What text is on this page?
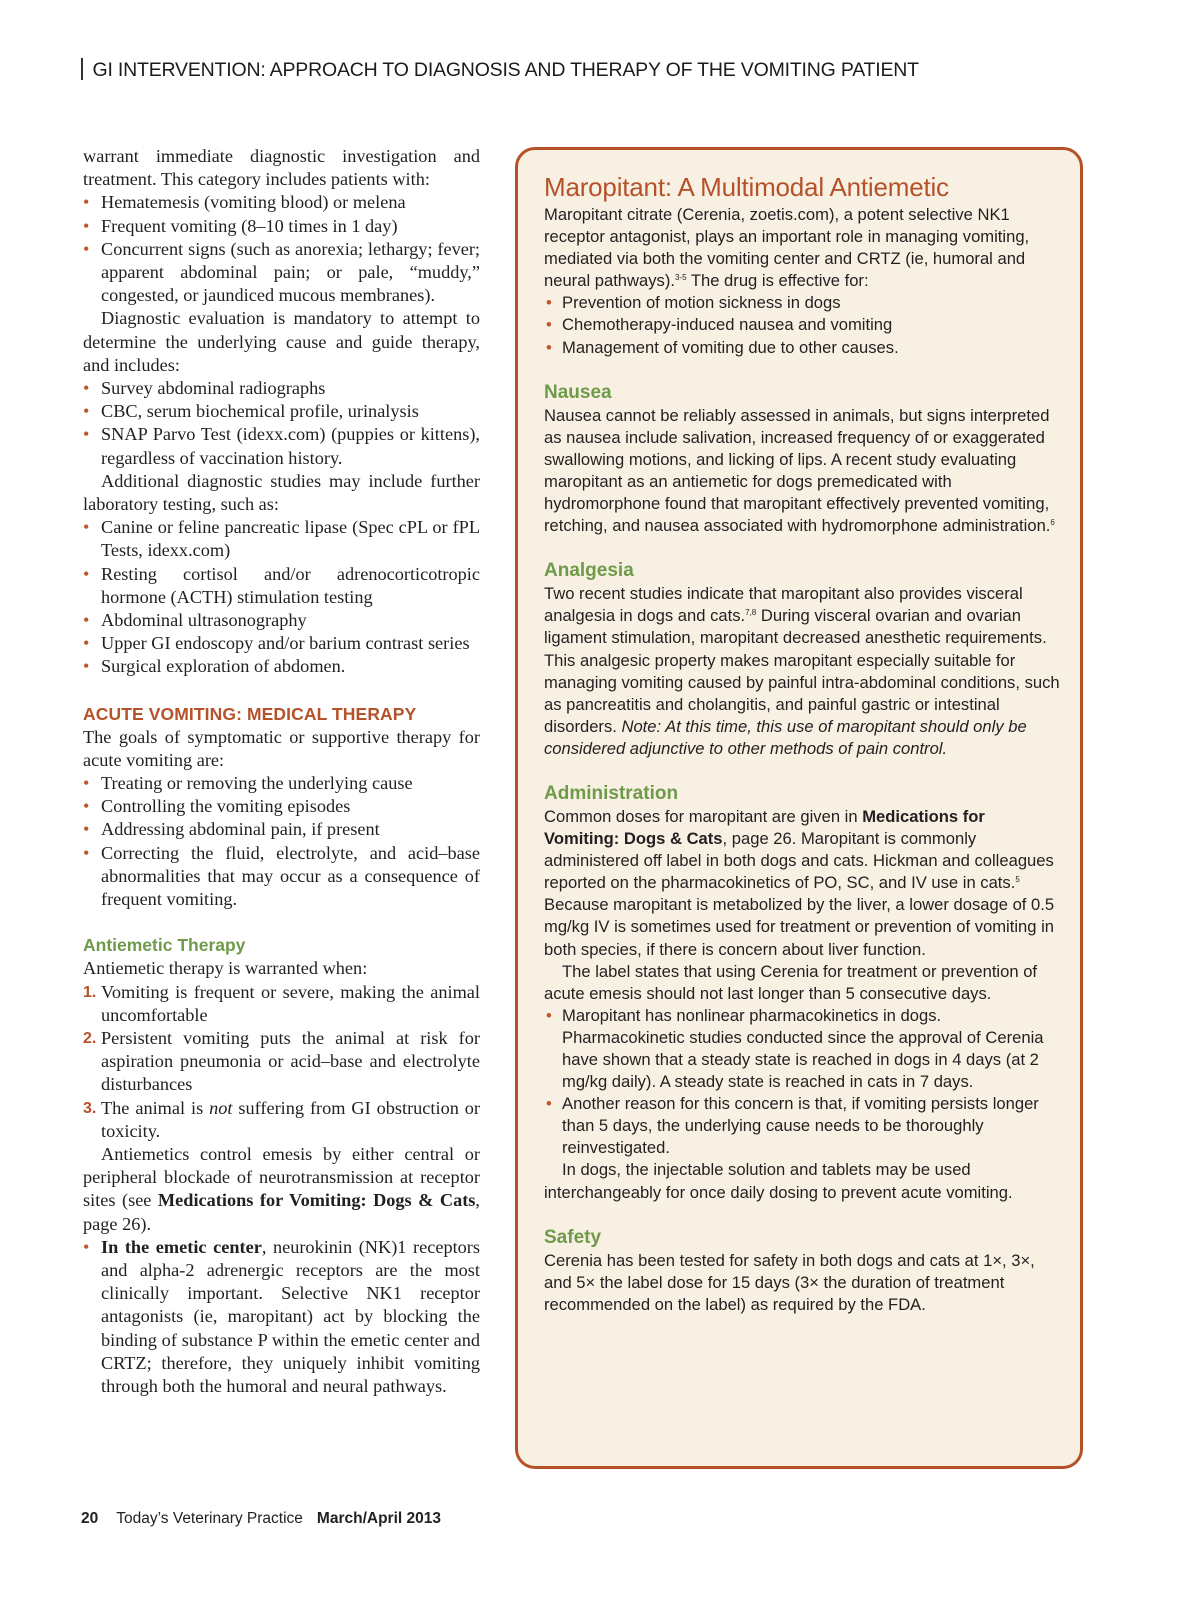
GI INTERVENTION: APPROACH TO DIAGNOSIS AND THERAPY OF THE VOMITING PATIENT

warrant immediate diagnostic investigation and treatment. This category includes patients with:

• Hematemesis (vomiting blood) or melena
• Frequent vomiting (8–10 times in 1 day)
• Concurrent signs (such as anorexia; lethargy; fever; apparent abdominal pain; or pale, “muddy,” congested, or jaundiced mucous membranes).

Diagnostic evaluation is mandatory to attempt to determine the underlying cause and guide therapy, and includes:

• Survey abdominal radiographs
• CBC, serum biochemical profile, urinalysis
• SNAP Parvo Test (idexx.com) (puppies or kittens), regardless of vaccination history.

Additional diagnostic studies may include further laboratory testing, such as:

• Canine or feline pancreatic lipase (Spec cPL or fPL Tests, idexx.com)
• Resting cortisol and/or adrenocorticotropic hormone (ACTH) stimulation testing
• Abdominal ultrasonography
• Upper GI endoscopy and/or barium contrast series
• Surgical exploration of abdomen.
ACUTE VOMITING: MEDICAL THERAPY

The goals of symptomatic or supportive therapy for acute vomiting are:

• Treating or removing the underlying cause
• Controlling the vomiting episodes
• Addressing abdominal pain, if present
• Correcting the fluid, electrolyte, and acid–base abnormalities that may occur as a consequence of frequent vomiting.
Antiemetic Therapy

Antiemetic therapy is warranted when:

1. Vomiting is frequent or severe, making the animal uncomfortable
2. Persistent vomiting puts the animal at risk for aspiration pneumonia or acid–base and electrolyte disturbances
3. The animal is not suffering from GI obstruction or toxicity.

Antiemetics control emesis by either central or peripheral blockade of neurotransmission at receptor sites (see Medications for Vomiting: Dogs & Cats, page 26).

• In the emetic center, neurokinin (NK)1 receptors and alpha-2 adrenergic receptors are the most clinically important. Selective NK1 receptor antagonists (ie, maropitant) act by blocking the binding of substance P within the emetic center and CRTZ; therefore, they uniquely inhibit vomiting through both the humoral and neural pathways.
Maropitant: A Multimodal Antiemetic

Maropitant citrate (Cerenia, zoetis.com), a potent selective NK1 receptor antagonist, plays an important role in managing vomiting, mediated via both the vomiting center and CRTZ (ie, humoral and neural pathways).$^{3-5}$ The drug is effective for:

• Prevention of motion sickness in dogs
• Chemotherapy-induced nausea and vomiting
• Management of vomiting due to other causes.
Nausea

Nausea cannot be reliably assessed in animals, but signs interpreted as nausea include salivation, increased frequency of or exaggerated swallowing motions, and licking of lips. A recent study evaluating maropitant as an antiemetic for dogs premedicated with hydromorphone found that maropitant effectively prevented vomiting, retching, and nausea associated with hydromorphone administration.$^6$

Analgesia

Two recent studies indicate that maropitant also provides visceral analgesia in dogs and cats.$^{7,8}$ During visceral ovarian and ovarian ligament stimulation, maropitant decreased anesthetic requirements. This analgesic property makes maropitant especially suitable for managing vomiting caused by painful intra-abdominal conditions, such as pancreatitis and cholangitis, and painful gastric or intestinal disorders. Note: At this time, this use of maropitant should only be considered adjunctive to other methods of pain control.

Administration

Common doses for maropitant are given in Medications for Vomiting: Dogs & Cats, page 26. Maropitant is commonly administered off label in both dogs and cats. Hickman and colleagues reported on the pharmacokinetics of PO, SC, and IV use in cats.$^5$ Because maropitant is metabolized by the liver, a lower dosage of 0.5 mg/kg IV is sometimes used for treatment or prevention of vomiting in both species, if there is concern about liver function.

The label states that using Cerenia for treatment or prevention of acute emesis should not last longer than 5 consecutive days.

• Maropitant has nonlinear pharmacokinetics in dogs. Pharmacokinetic studies conducted since the approval of Cerenia have shown that a steady state is reached in dogs in 4 days (at 2 mg/kg daily). A steady state is reached in cats in 7 days.
• Another reason for this concern is that, if vomiting persists longer than 5 days, the underlying cause needs to be thoroughly reinvestigated.

In dogs, the injectable solution and tablets may be used interchangeably for once daily dosing to prevent acute vomiting.

Safety

Cerenia has been tested for safety in both dogs and cats at 1×, 3×, and 5× the label dose for 15 days (3× the duration of treatment recommended on the label) as required by the FDA.

20 Today’s Veterinary Practice March/April 2013
